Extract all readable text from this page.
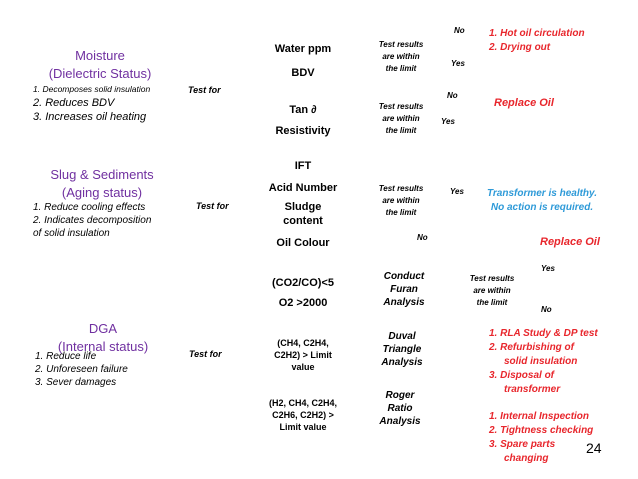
Moisture
(Dielectric Status)
1. Decomposes solid insulation
2. Reduces BDV
3. Increases oil heating
Test for
Water ppm
BDV
Tan ∂
Resistivity
Test results
are within
the limit
No
Yes
Test results
are within
the limit
No
Yes
1. Hot oil circulation
2. Drying out
Replace Oil
Slug & Sediments
(Aging status)
1. Reduce cooling effects
2. Indicates decomposition
of solid insulation
Test for
IFT
Acid Number
Sludge
content
Oil Colour
Test results
are within
the limit
Yes
No
Transformer is healthy.
No action is required.
Replace Oil
DGA
(Internal status)
1. Reduce life
2. Unforeseen failure
3. Sever damages
Test for
(CO2/CO)<5
O2 >2000
(CH4, C2H4,
C2H2) > Limit
value
(H2, CH4, C2H4,
C2H6, C2H2) >
Limit value
Conduct
Furan
Analysis
Duval
Triangle
Analysis
Roger
Ratio
Analysis
Test results
are within
the limit
Yes
No
1. RLA Study & DP test
2. Refurbishing of
solid insulation
3. Disposal of
transformer
1. Internal Inspection
2. Tightness checking
3. Spare parts
changing
24
